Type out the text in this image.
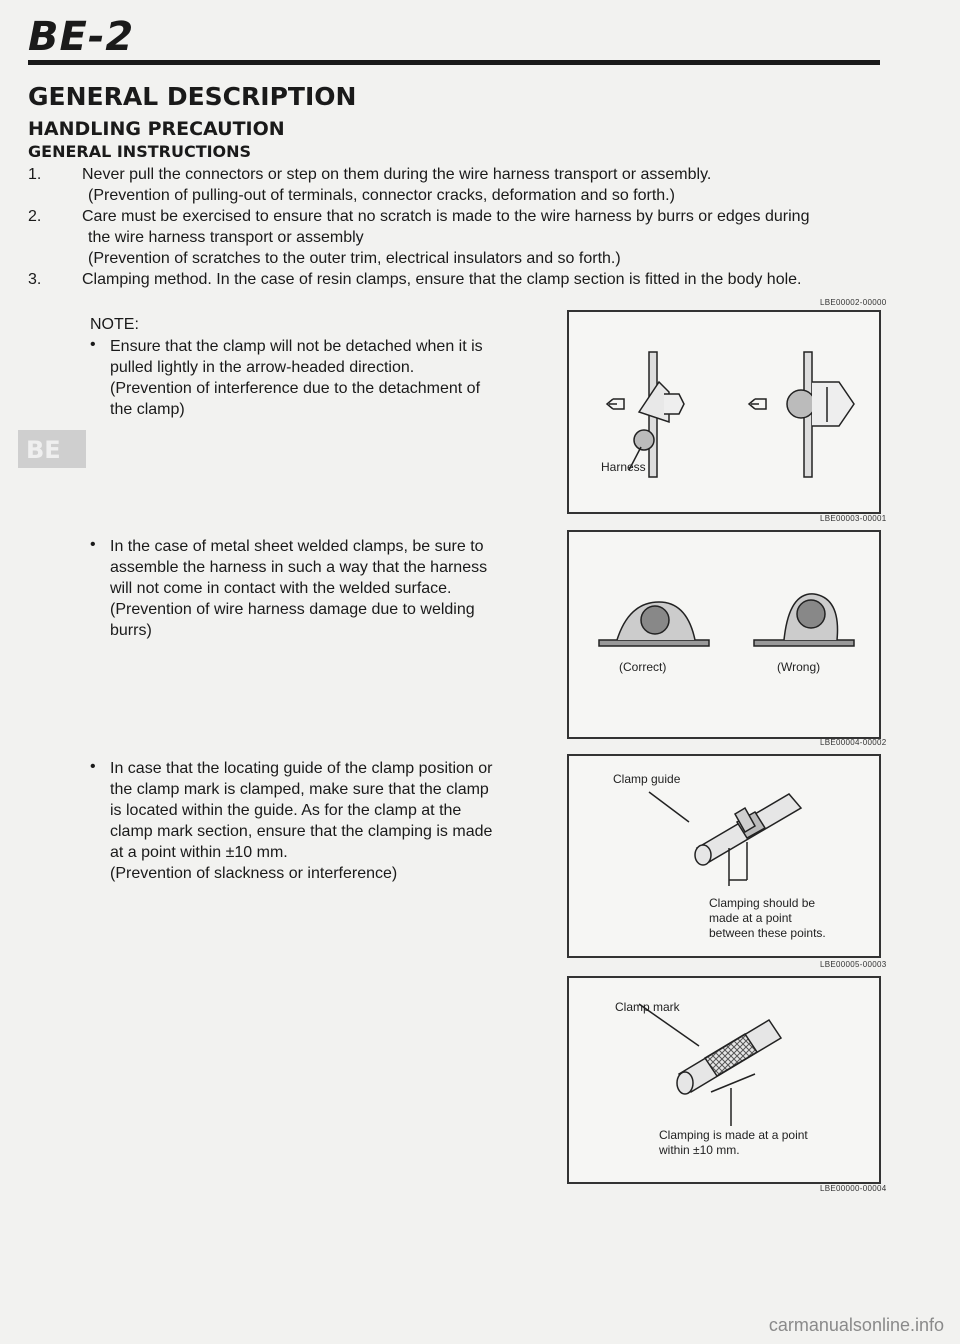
BE-2
GENERAL DESCRIPTION
HANDLING PRECAUTION
GENERAL INSTRUCTIONS
1.	Never pull the connectors or step on them during the wire harness transport or assembly.
(Prevention of pulling-out of terminals, connector cracks, deformation and so forth.)
2.	Care must be exercised to ensure that no scratch is made to the wire harness by burrs or edges during
the wire harness transport or assembly
(Prevention of scratches to the outer trim, electrical insulators and so forth.)
3.	Clamping method. In the case of resin clamps, ensure that the clamp section is fitted in the body hole.
LBE00002-00000
NOTE:
BE
• Ensure that the clamp will not be detached when it is
pulled lightly in the arrow-headed direction.
(Prevention of interference due to the detachment of
the clamp)
• In the case of metal sheet welded clamps, be sure to
assemble the harness in such a way that the harness
will not come in contact with the welded surface.
(Prevention of wire harness damage due to welding
burrs)
• In case that the locating guide of the clamp position or
the clamp mark is clamped, make sure that the clamp
is located within the guide. As for the clamp at the
clamp mark section, ensure that the clamping is made
at a point within ±10 mm.
(Prevention of slackness or interference)
Harness
LBE00003-00001
(Correct)	(Wrong)
LBE00004-00002
Clamp guide
Clamping should be
made at a point
between these points.
LBE00005-00003
Clamp mark
Clamping is made at a point
within ±10 mm.
LBE00000-00004
carmanualsonline.info
